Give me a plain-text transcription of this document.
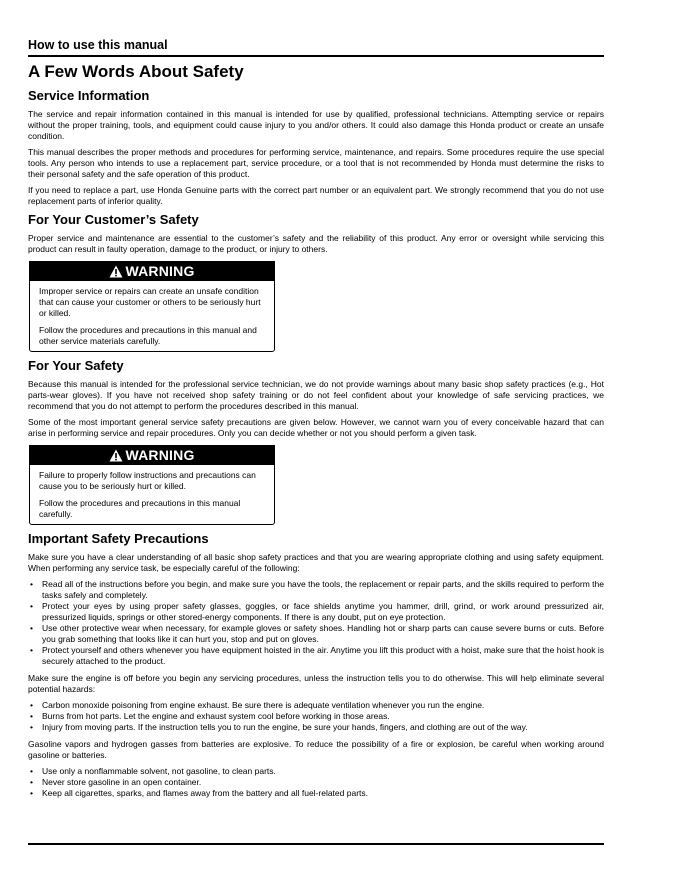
How to use this manual
A Few Words About Safety
Service Information

The service and repair information contained in this manual is intended for use by qualified, professional technicians. Attempting service or repairs without the proper training, tools, and equipment could cause injury to you and/or others. It could also damage this Honda product or create an unsafe condition.

This manual describes the proper methods and procedures for performing service, maintenance, and repairs. Some procedures require the use special tools. Any person who intends to use a replacement part, service procedure, or a tool that is not recommended by Honda must determine the risks to their personal safety and the safe operation of this product.

If you need to replace a part, use Honda Genuine parts with the correct part number or an equivalent part. We strongly recommend that you do not use replacement parts of inferior quality.

For Your Customer’s Safety

Proper service and maintenance are essential to the customer’s safety and the reliability of this product. Any error or oversight while servicing this product can result in faulty operation, damage to the product, or injury to others.

WARNING

Improper service or repairs can create an unsafe condition that can cause your customer or others to be seriously hurt or killed.

Follow the procedures and precautions in this manual and other service materials carefully.

For Your Safety

Because this manual is intended for the professional service technician, we do not provide warnings about many basic shop safety practices (e.g., Hot parts-wear gloves). If you have not received shop safety training or do not feel confident about your knowledge of safe servicing practices, we recommend that you do not attempt to perform the procedures described in this manual.

Some of the most important general service safety precautions are given below. However, we cannot warn you of every conceivable hazard that can arise in performing service and repair procedures. Only you can decide whether or not you should perform a given task.

WARNING

Failure to properly follow instructions and precautions can cause you to be seriously hurt or killed.

Follow the procedures and precautions in this manual carefully.

Important Safety Precautions

Make sure you have a clear understanding of all basic shop safety practices and that you are wearing appropriate clothing and using safety equipment. When performing any service task, be especially careful of the following:

• Read all of the instructions before you begin, and make sure you have the tools, the replacement or repair parts, and the skills required to perform the tasks safely and completely.
• Protect your eyes by using proper safety glasses, goggles, or face shields anytime you hammer, drill, grind, or work around pressurized air, pressurized liquids, springs or other stored-energy components. If there is any doubt, put on eye protection.
• Use other protective wear when necessary, for example gloves or safety shoes. Handling hot or sharp parts can cause severe burns or cuts. Before you grab something that looks like it can hurt you, stop and put on gloves.
• Protect yourself and others whenever you have equipment hoisted in the air. Anytime you lift this product with a hoist, make sure that the hoist hook is securely attached to the product.

Make sure the engine is off before you begin any servicing procedures, unless the instruction tells you to do otherwise. This will help eliminate several potential hazards:

• Carbon monoxide poisoning from engine exhaust. Be sure there is adequate ventilation whenever you run the engine.
• Burns from hot parts. Let the engine and exhaust system cool before working in those areas.
• Injury from moving parts. If the instruction tells you to run the engine, be sure your hands, fingers, and clothing are out of the way.

Gasoline vapors and hydrogen gasses from batteries are explosive. To reduce the possibility of a fire or explosion, be careful when working around gasoline or batteries.

• Use only a nonflammable solvent, not gasoline, to clean parts.
• Never store gasoline in an open container.
• Keep all cigarettes, sparks, and flames away from the battery and all fuel-related parts.
